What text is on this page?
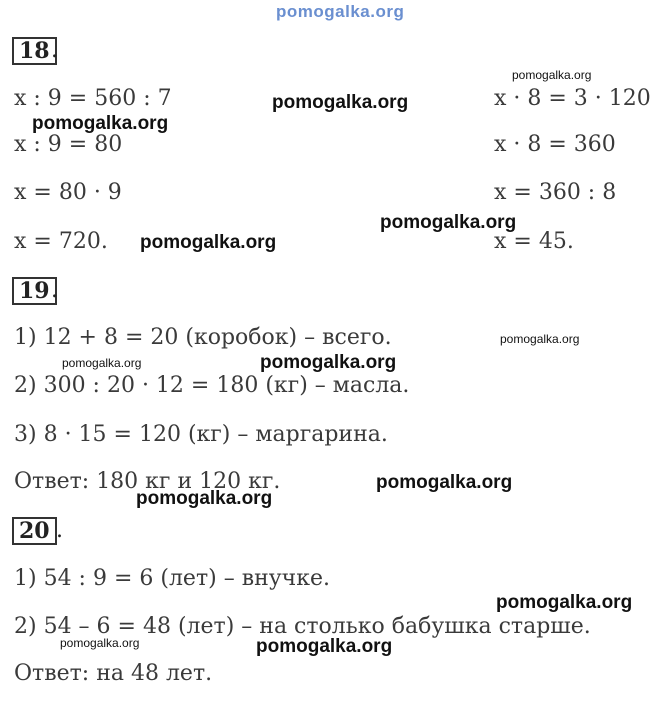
pomogalka.org
18 .
x : 9 = 560 : 7
x : 9 = 80
x = 80 · 9
x = 720.
x · 8 = 3 · 120
x · 8 = 360
x = 360 : 8
x = 45.
19 .
1) 12 + 8 = 20 (коробок) – всего.
2) 300 : 20 · 12 = 180 (кг) – масла.
3) 8 · 15 = 120 (кг) – маргарина.
Ответ: 180 кг и 120 кг.
20 .
1) 54 : 9 = 6 (лет) – внучке.
2) 54 – 6 = 48 (лет) – на столько бабушка старше.
Ответ: на 48 лет.
pomogalka.org
pomogalka.org
pomogalka.org
pomogalka.org
pomogalka.org
pomogalka.org
pomogalka.org
pomogalka.org
pomogalka.org
pomogalka.org
pomogalka.org
pomogalka.org	pomogalka.org
